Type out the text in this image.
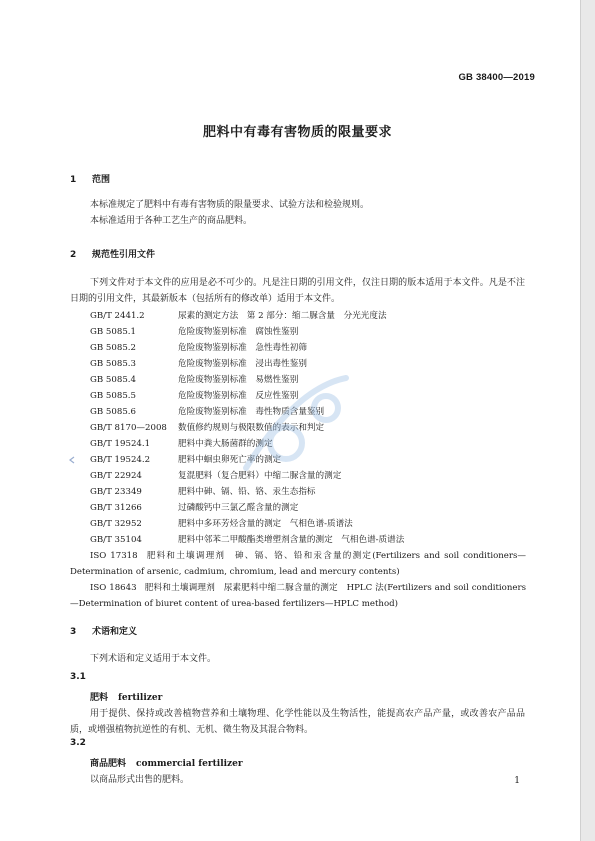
GB 38400—2019
肥料中有毒有害物质的限量要求
1 范围
本标准规定了肥料中有毒有害物质的限量要求、试验方法和检验规则。
本标准适用于各种工艺生产的商品肥料。
2 规范性引用文件
下列文件对于本文件的应用是必不可少的。凡是注日期的引用文件，仅注日期的版本适用于本文件。凡是不注日期的引用文件，其最新版本（包括所有的修改单）适用于本文件。
GB/T 2441.2	尿素的测定方法　第 2 部分：缩二脲含量　分光光度法
GB 5085.1	危险废物鉴别标准　腐蚀性鉴别
GB 5085.2	危险废物鉴别标准　急性毒性初筛
GB 5085.3	危险废物鉴别标准　浸出毒性鉴别
GB 5085.4	危险废物鉴别标准　易燃性鉴别
GB 5085.5	危险废物鉴别标准　反应性鉴别
GB 5085.6	危险废物鉴别标准　毒性物质含量鉴别
GB/T 8170—2008 数值修约规则与极限数值的表示和判定
GB/T 19524.1	肥料中粪大肠菌群的测定
GB/T 19524.2	肥料中蛔虫卵死亡率的测定
GB/T 22924	复混肥料（复合肥料）中缩二脲含量的测定
GB/T 23349	肥料中砷、镉、铅、铬、汞生态指标
GB/T 31266	过磷酸钙中三氯乙醛含量的测定
GB/T 32952	肥料中多环芳烃含量的测定　气相色谱-质谱法
GB/T 35104	肥料中邻苯二甲酸酯类增塑剂含量的测定　气相色谱-质谱法
ISO 17318 肥料和土壤调理剂　砷、镉、铬、铅和汞含量的测定(Fertilizers and soil conditioners—Determination of arsenic, cadmium, chromium, lead and mercury contents)
ISO 18643 肥料和土壤调理剂　尿素肥料中缩二脲含量的测定　HPLC 法(Fertilizers and soil conditioners—Determination of biuret content of urea-based fertilizers—HPLC method)
3 术语和定义
下列术语和定义适用于本文件。
3.1
肥料 fertilizer
用于提供、保持或改善植物营养和土壤物理、化学性能以及生物活性，能提高农产品产量，或改善农产品品质，或增强植物抗逆性的有机、无机、微生物及其混合物料。
3.2
商品肥料 commercial fertilizer
以商品形式出售的肥料。	1
